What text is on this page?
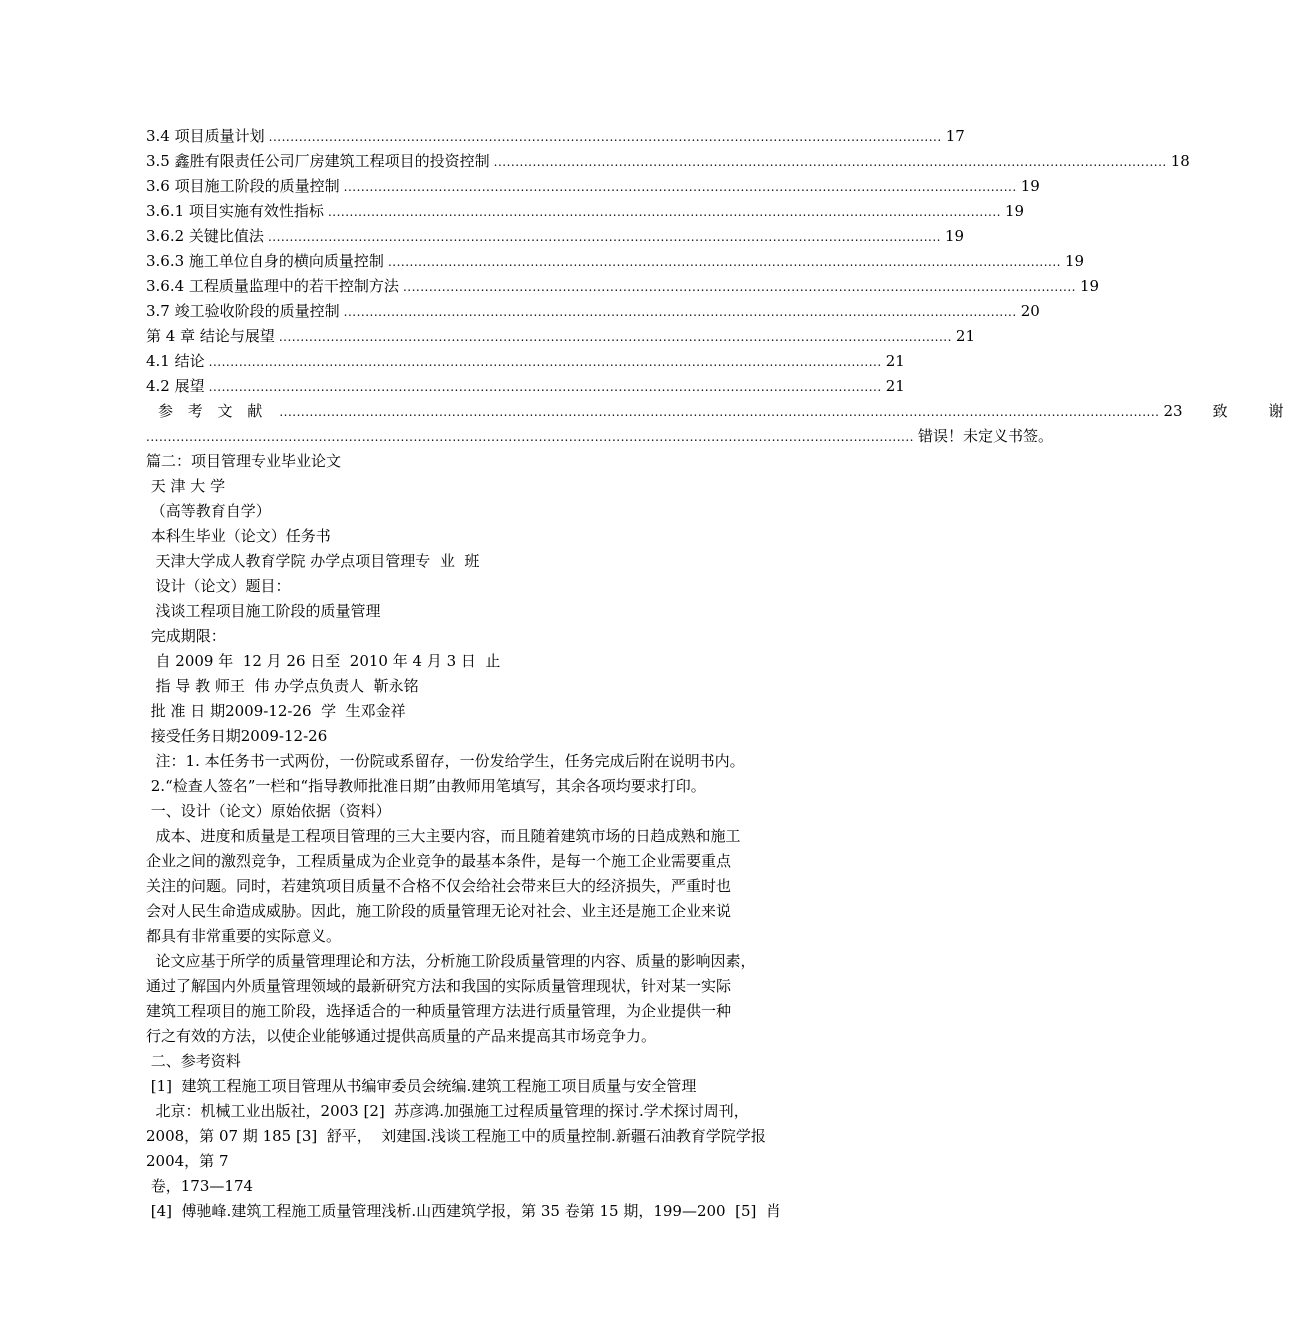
3.4 项目质量计划 ............................................................................................................................................................ 17
3.5 鑫胜有限责任公司厂房建筑工程项目的投资控制 ............................................................................................................................................................ 18
3.6 项目施工阶段的质量控制 ............................................................................................................................................................ 19
3.6.1 项目实施有效性指标 ............................................................................................................................................................ 19
3.6.2 关键比值法 ............................................................................................................................................................ 19
3.6.3 施工单位自身的横向质量控制 ............................................................................................................................................................ 19
3.6.4 工程质量监理中的若干控制方法 ............................................................................................................................................................ 19
3.7 竣工验收阶段的质量控制 ............................................................................................................................................................ 20
第 4 章 结论与展望 ............................................................................................................................................................ 21
4.1 结论 ............................................................................................................................................................ 21
4.2 展望 ............................................................................................................................................................ 21
参 考 文 献 ............................................................................................................................................................................................................ 23 致 谢
.................................................................................................................................................................................. 错误！未定义书签。
篇二：项目管理专业毕业论文
天 津 大 学
（高等教育自学）
本科生毕业（论文）任务书
天津大学成人教育学院 办学点项目管理专  业  班
设计（论文）题目：
浅谈工程项目施工阶段的质量管理
完成期限：
自 2009 年  12 月 26 日至  2010 年 4 月 3 日  止
指 导 教 师王  伟 办学点负责人  靳永铭
批 准 日 期2009-12-26  学  生邓金祥
接受任务日期2009-12-26
注：1. 本任务书一式两份，一份院或系留存，一份发给学生，任务完成后附在说明书内。
2.“检查人签名”一栏和“指导教师批准日期”由教师用笔填写，其余各项均要求打印。
一、设计（论文）原始依据（资料）
成本、进度和质量是工程项目管理的三大主要内容，而且随着建筑市场的日趋成熟和施工
企业之间的激烈竞争，工程质量成为企业竞争的最基本条件，是每一个施工企业需要重点
关注的问题。同时，若建筑项目质量不合格不仅会给社会带来巨大的经济损失，严重时也
会对人民生命造成威胁。因此，施工阶段的质量管理无论对社会、业主还是施工企业来说
都具有非常重要的实际意义。
论文应基于所学的质量管理理论和方法，分析施工阶段质量管理的内容、质量的影响因素，
通过了解国内外质量管理领域的最新研究方法和我国的实际质量管理现状，针对某一实际
建筑工程项目的施工阶段，选择适合的一种质量管理方法进行质量管理，为企业提供一种
行之有效的方法，以使企业能够通过提供高质量的产品来提高其市场竞争力。
二、参考资料
[1]  建筑工程施工项目管理从书编审委员会统编.建筑工程施工项目质量与安全管理
北京：机械工业出版社，2003 [2]  苏彦鸿.加强施工过程质量管理的探讨.学术探讨周刊，
2008，第 07 期 185 [3]  舒平，  刘建国.浅谈工程施工中的质量控制.新疆石油教育学院学报
2004，第 7
卷，173—174
[4]  傅驰峰.建筑工程施工质量管理浅析.山西建筑学报，第 35 卷第 15 期，199—200  [5]  肖
